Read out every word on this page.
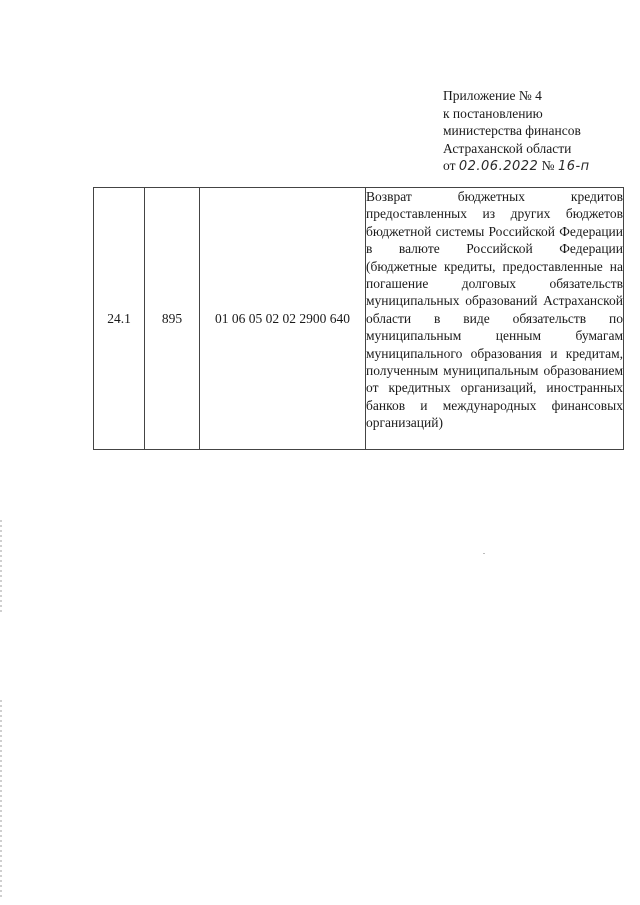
Приложение № 4
к постановлению
министерства финансов
Астраханской области
от 02.06.2022 № 16-п
24.1	895	01 06 05 02 02 2900 640	Возврат бюджетных кредитов предоставленных из других бюджетов бюджетной системы Российской Федерации в валюте Российской Федерации (бюджетные кредиты, предоставленные на погашение долговых обязательств муниципальных образований Астраханской области в виде обязательств по муниципальным ценным бумагам муниципального образования и кредитам, полученным муниципальным образованием от кредитных организаций, иностранных банков и международных финансовых организаций)
